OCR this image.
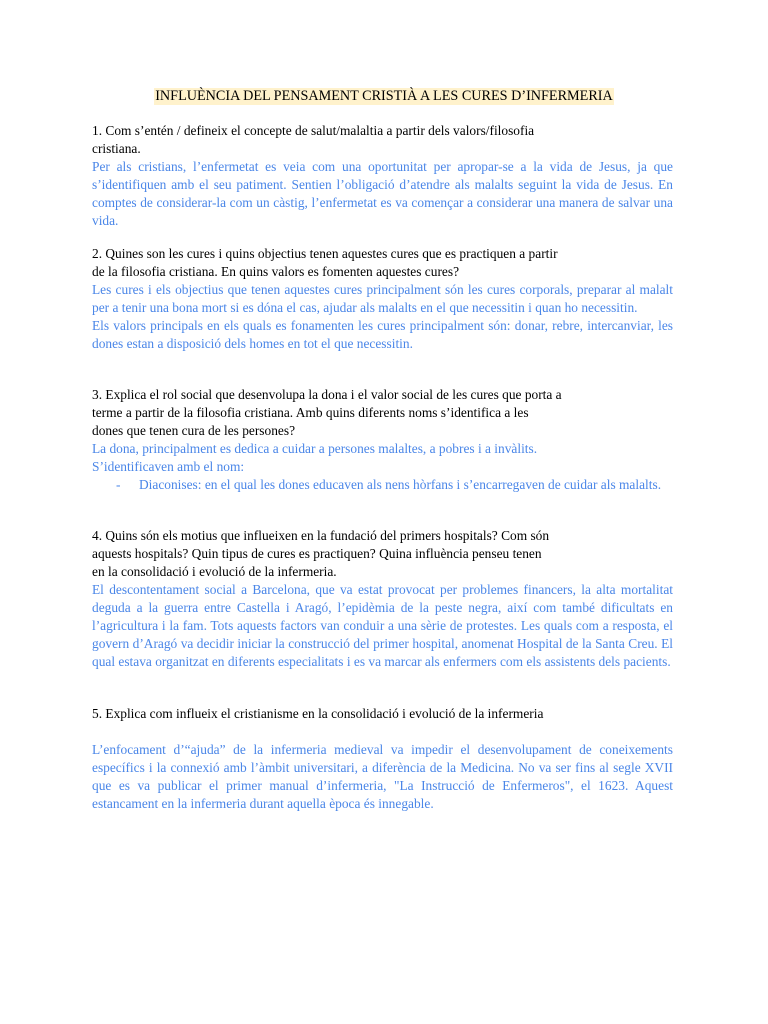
INFLUÈNCIA DEL PENSAMENT CRISTIÀ A LES CURES D’INFERMERIA

1. Com s’entén / defineix el concepte de salut/malaltia a partir dels valors/filosofia

cristiana.

Per als cristians, l’enfermetat es veia com una oportunitat per apropar-se a la vida de Jesus, ja que s’identifiquen amb el seu patiment. Sentien l’obligació d’atendre als malalts seguint la vida de Jesus. En comptes de considerar-la com un càstig, l’enfermetat es va començar a considerar una manera de salvar una vida.

2. Quines son les cures i quins objectius tenen aquestes cures que es practiquen a partir

de la filosofia cristiana. En quins valors es fomenten aquestes cures?

Les cures i els objectius que tenen aquestes cures principalment són les cures corporals, preparar al malalt per a tenir una bona mort si es dóna el cas, ajudar als malalts en el que necessitin i quan ho necessitin.

Els valors principals en els quals es fonamenten les cures principalment són: donar, rebre, intercanviar, les dones estan a disposició dels homes en tot el que necessitin.

3. Explica el rol social que desenvolupa la dona i el valor social de les cures que porta a

terme a partir de la filosofia cristiana. Amb quins diferents noms s’identifica a les

dones que tenen cura de les persones?

La dona, principalment es dedica a cuidar a persones malaltes, a pobres i a invàlits.

S’identificaven amb el nom:

-	Diaconises: en el qual les dones educaven als nens hòrfans i s’encarregaven de cuidar als malalts.

4. Quins són els motius que influeixen en la fundació del primers hospitals? Com són

aquests hospitals? Quin tipus de cures es practiquen? Quina influència penseu tenen

en la consolidació i evolució de la infermeria.

El descontentament social a Barcelona, que va estat provocat per problemes financers, la alta mortalitat deguda a la guerra entre Castella i Aragó, l’epidèmia de la peste negra, així com també dificultats en l’agricultura i la fam. Tots aquests factors van conduir a una sèrie de protestes. Les quals com a resposta, el govern d’Aragó va decidir iniciar la construcció del primer hospital, anomenat Hospital de la Santa Creu. El qual estava organitzat en diferents especialitats i es va marcar als enfermers com els assistents dels pacients.

5. Explica com influeix el cristianisme en la consolidació i evolució de la infermeria

L’enfocament d’“ajuda” de la infermeria medieval va impedir el desenvolupament de coneixements específics i la connexió amb l’àmbit universitari, a diferència de la Medicina. No va ser fins al segle XVII que es va publicar el primer manual d’infermeria, "La Instrucció de Enfermeros", el 1623. Aquest estancament en la infermeria durant aquella època és innegable.
